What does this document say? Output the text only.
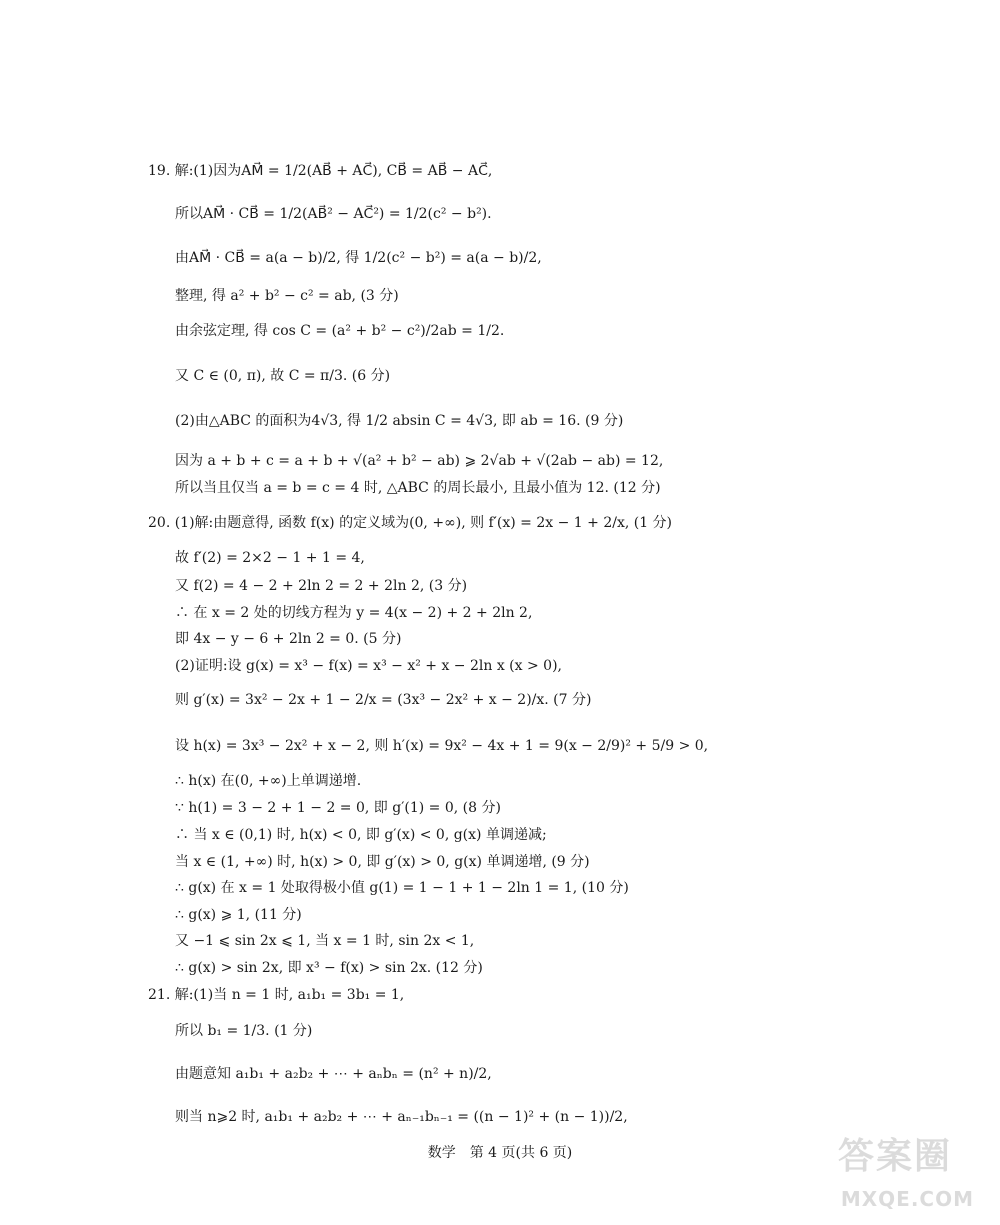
19. 解:(1)因为AM⃗ = 1/2(AB⃗ + AC⃗), CB⃗ = AB⃗ − AC⃗,
所以AM⃗ · CB⃗ = 1/2(AB⃗² − AC⃗²) = 1/2(c² − b²).
由AM⃗ · CB⃗ = a(a − b)/2, 得 1/2(c² − b²) = a(a − b)/2,
整理, 得 a² + b² − c² = ab, (3 分)
由余弦定理, 得 cos C = (a² + b² − c²)/2ab = 1/2.
又 C ∈ (0, π), 故 C = π/3. (6 分)
(2)由△ABC 的面积为4√3, 得 1/2 absin C = 4√3, 即 ab = 16. (9 分)
因为 a + b + c = a + b + √(a² + b² − ab) ⩾ 2√ab + √(2ab − ab) = 12,
所以当且仅当 a = b = c = 4 时, △ABC 的周长最小, 且最小值为 12. (12 分)
20. (1)解:由题意得, 函数 f(x) 的定义域为(0, +∞), 则 f′(x) = 2x − 1 + 2/x, (1 分)
故 f′(2) = 2×2 − 1 + 1 = 4,
又 f(2) = 4 − 2 + 2ln 2 = 2 + 2ln 2, (3 分)
∴ 在 x = 2 处的切线方程为 y = 4(x − 2) + 2 + 2ln 2,
即 4x − y − 6 + 2ln 2 = 0. (5 分)
(2)证明:设 g(x) = x³ − f(x) = x³ − x² + x − 2ln x (x > 0),
则 g′(x) = 3x² − 2x + 1 − 2/x = (3x³ − 2x² + x − 2)/x. (7 分)
设 h(x) = 3x³ − 2x² + x − 2, 则 h′(x) = 9x² − 4x + 1 = 9(x − 2/9)² + 5/9 > 0,
∴ h(x) 在(0, +∞)上单调递增.
∵ h(1) = 3 − 2 + 1 − 2 = 0, 即 g′(1) = 0, (8 分)
∴ 当 x ∈ (0,1) 时, h(x) < 0, 即 g′(x) < 0, g(x) 单调递减;
当 x ∈ (1, +∞) 时, h(x) > 0, 即 g′(x) > 0, g(x) 单调递增, (9 分)
∴ g(x) 在 x = 1 处取得极小值 g(1) = 1 − 1 + 1 − 2ln 1 = 1, (10 分)
∴ g(x) ⩾ 1, (11 分)
又 −1 ⩽ sin 2x ⩽ 1, 当 x = 1 时, sin 2x < 1,
∴ g(x) > sin 2x, 即 x³ − f(x) > sin 2x. (12 分)
21. 解:(1)当 n = 1 时, a₁b₁ = 3b₁ = 1,
所以 b₁ = 1/3. (1 分)
由题意知 a₁b₁ + a₂b₂ + ⋯ + aₙbₙ = (n² + n)/2,
则当 n⩾2 时, a₁b₁ + a₂b₂ + ⋯ + aₙ₋₁bₙ₋₁ = ((n − 1)² + (n − 1))/2,
数学　第 4 页(共 6 页)	答案圈
MXQE.COM
